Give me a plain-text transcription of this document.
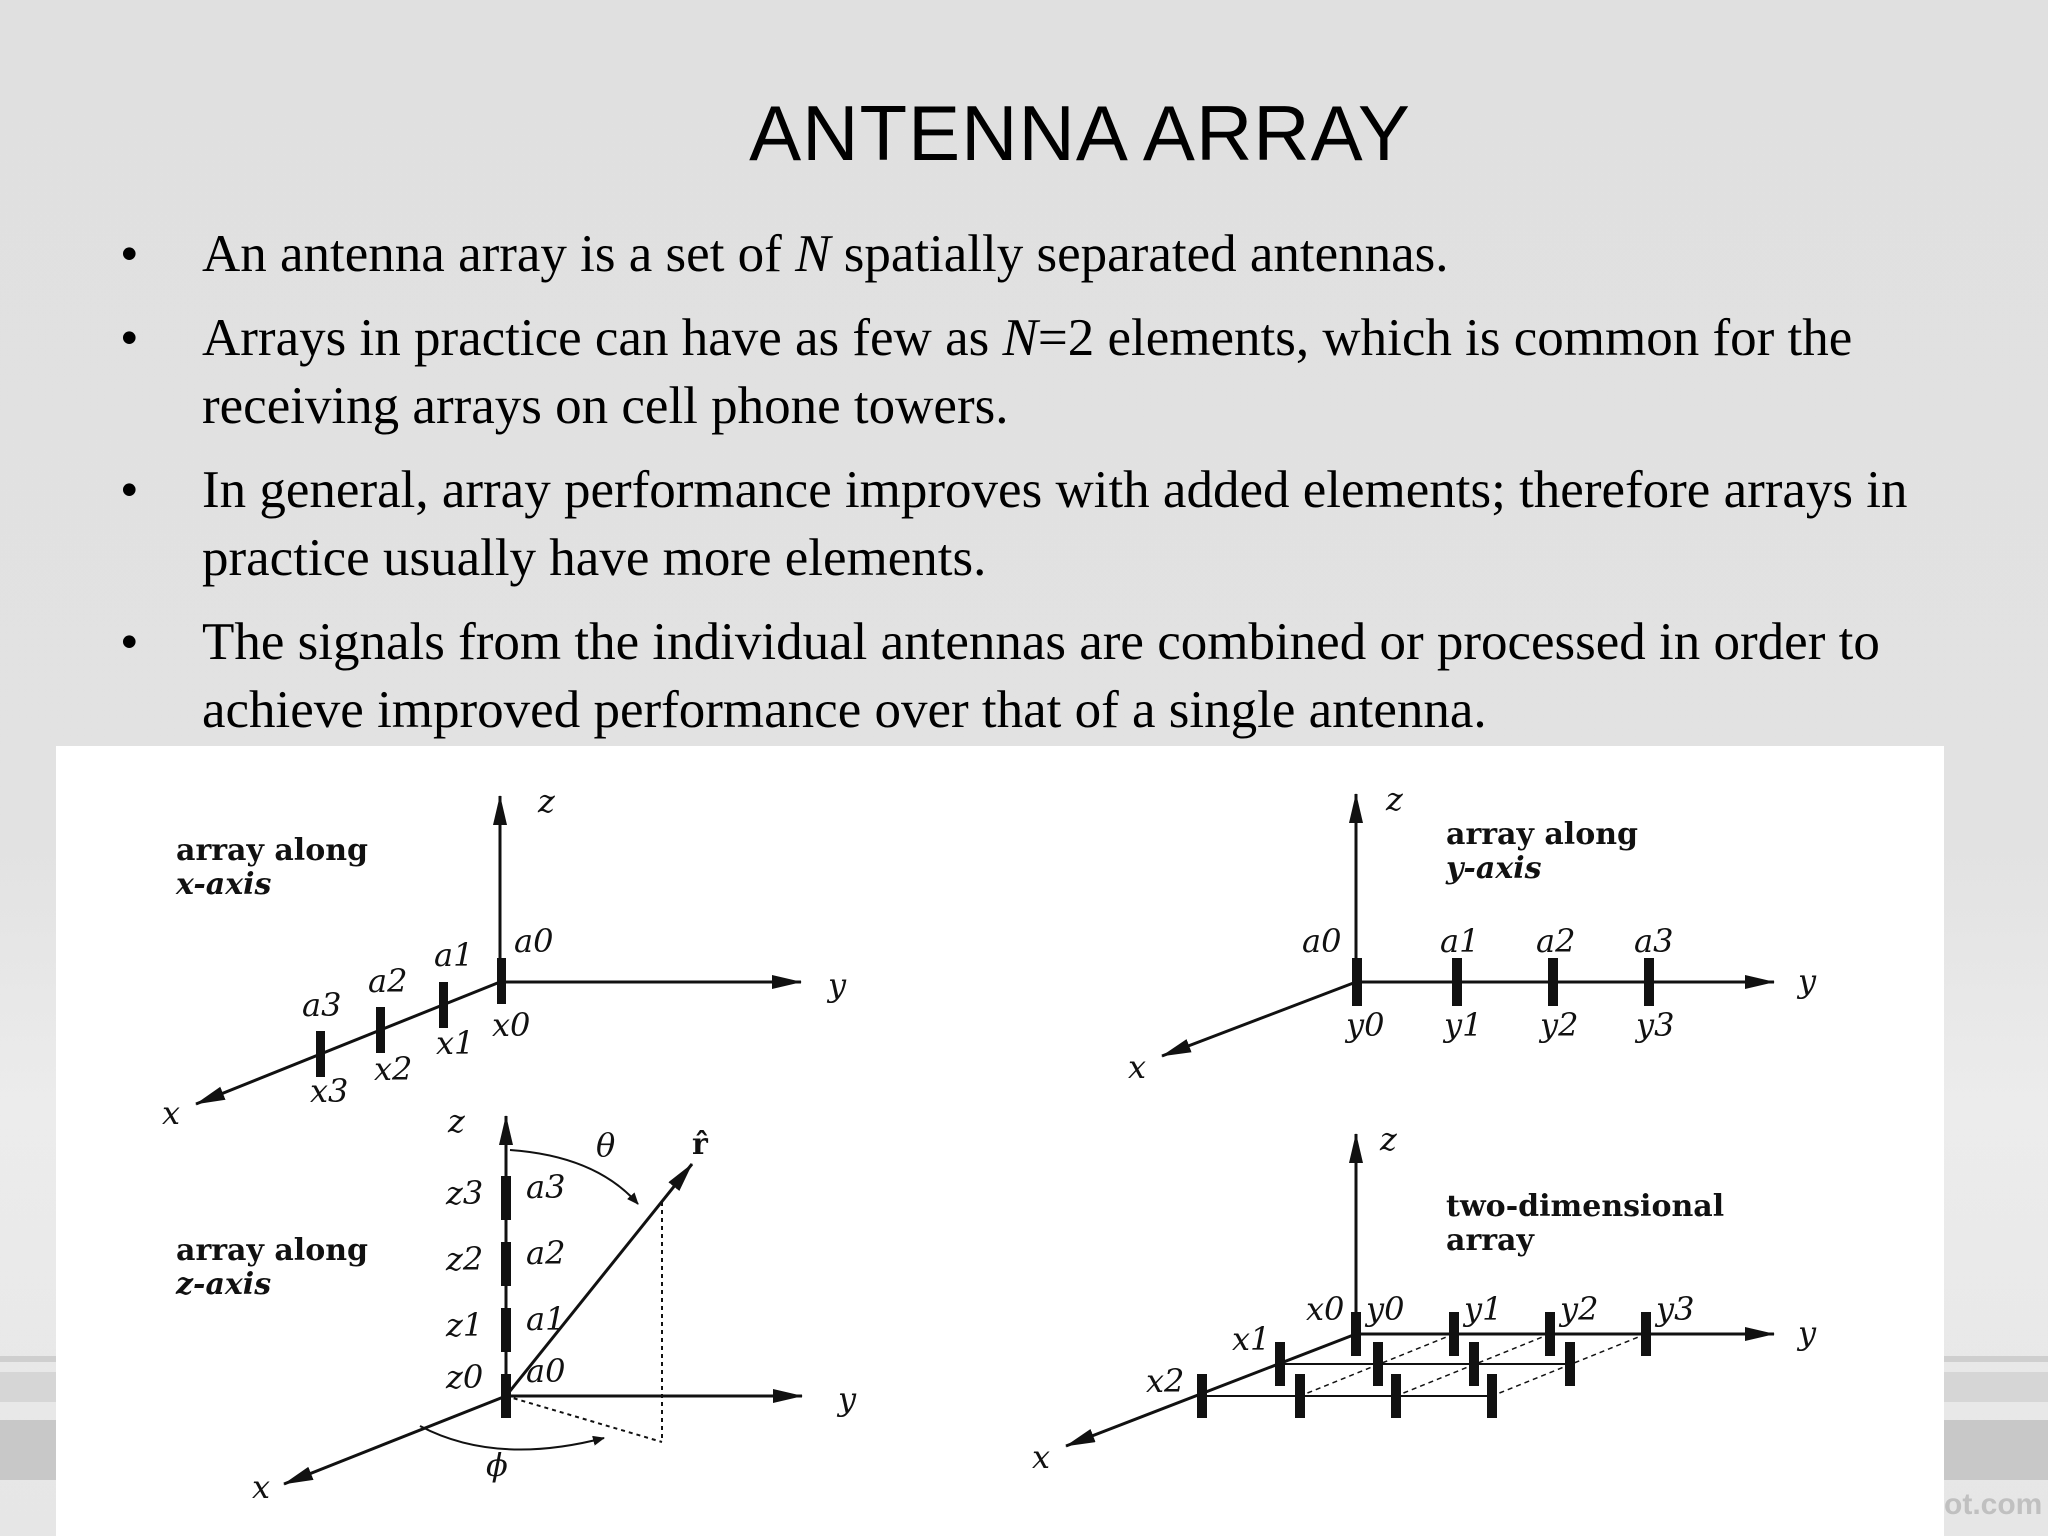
ANTENNA ARRAY
• An antenna array is a set of N spatially separated antennas.
• Arrays in practice can have as few as N=2 elements, which is common for the receiving arrays on cell phone towers.
• In general, array performance improves with added elements; therefore arrays in practice usually have more elements.
• The signals from the individual antennas are combined or processed in order to achieve improved performance over that of a single antenna.
array along
x-axis
z
y
x
a0
a1
a2
a3
x0
x1
x2
x3
array along
y-axis
z
y
x
a0	a1 a2 a3
y0 y1 y2 y3
array along
z-axis
z
y
x
θ
ϕ
r̂
a0
a1
a2
a3
z0
z1
z2
z3	two-dimensional
array
z
y
x
x0
x1
x2
y0 y1 y2 y3
ot.com
